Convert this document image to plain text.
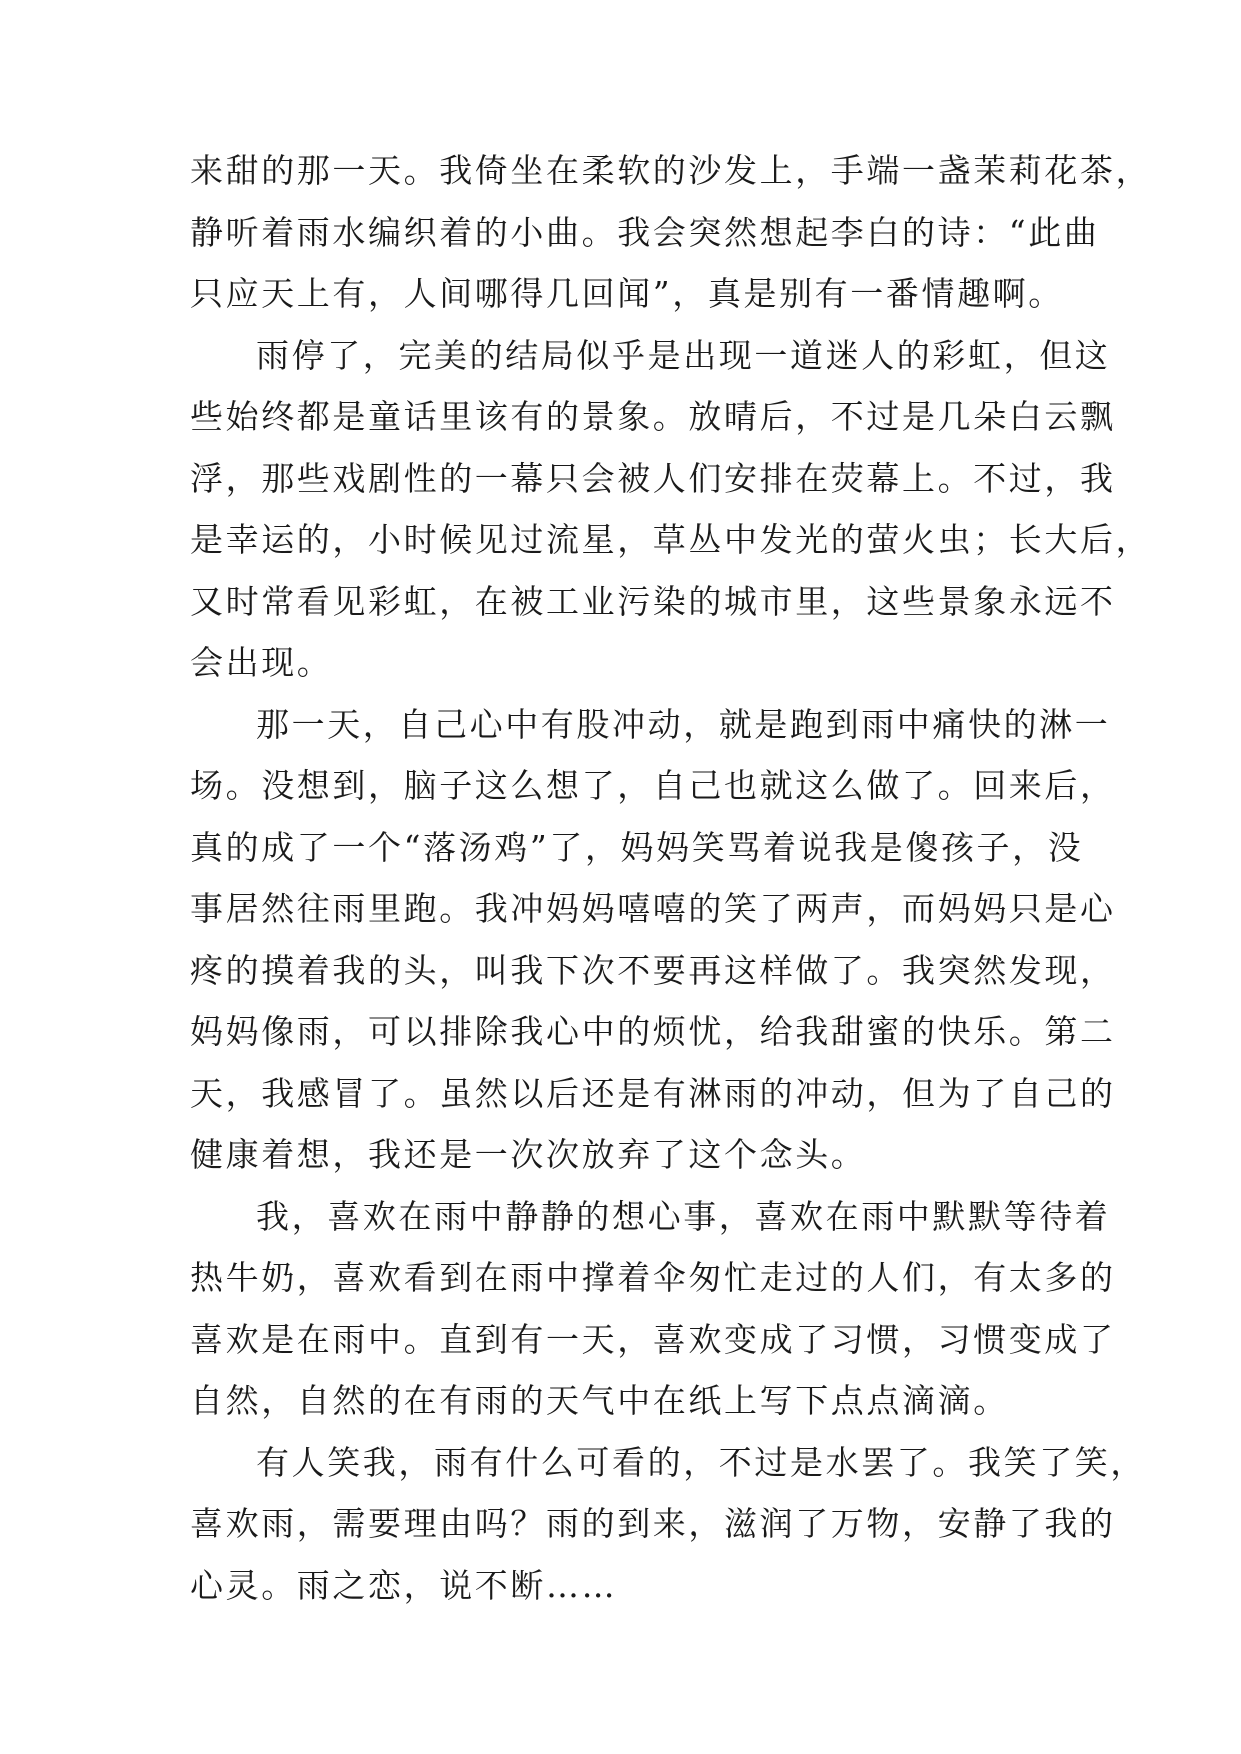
来甜的那一天。我倚坐在柔软的沙发上，手端一盏茉莉花茶，
静听着雨水编织着的小曲。我会突然想起李白的诗：“此曲
只应天上有，人间哪得几回闻”，真是别有一番情趣啊。
雨停了，完美的结局似乎是出现一道迷人的彩虹，但这
些始终都是童话里该有的景象。放晴后，不过是几朵白云飘
浮，那些戏剧性的一幕只会被人们安排在荧幕上。不过，我
是幸运的，小时候见过流星，草丛中发光的萤火虫；长大后，
又时常看见彩虹，在被工业污染的城市里，这些景象永远不
会出现。
那一天，自己心中有股冲动，就是跑到雨中痛快的淋一
场。没想到，脑子这么想了，自己也就这么做了。回来后，
真的成了一个“落汤鸡”了，妈妈笑骂着说我是傻孩子，没
事居然往雨里跑。我冲妈妈嘻嘻的笑了两声，而妈妈只是心
疼的摸着我的头，叫我下次不要再这样做了。我突然发现，
妈妈像雨，可以排除我心中的烦忧，给我甜蜜的快乐。第二
天，我感冒了。虽然以后还是有淋雨的冲动，但为了自己的
健康着想，我还是一次次放弃了这个念头。
我，喜欢在雨中静静的想心事，喜欢在雨中默默等待着
热牛奶，喜欢看到在雨中撑着伞匆忙走过的人们，有太多的
喜欢是在雨中。直到有一天，喜欢变成了习惯，习惯变成了
自然，自然的在有雨的天气中在纸上写下点点滴滴。
有人笑我，雨有什么可看的，不过是水罢了。我笑了笑，
喜欢雨，需要理由吗？雨的到来，滋润了万物，安静了我的
心灵。雨之恋，说不断……
